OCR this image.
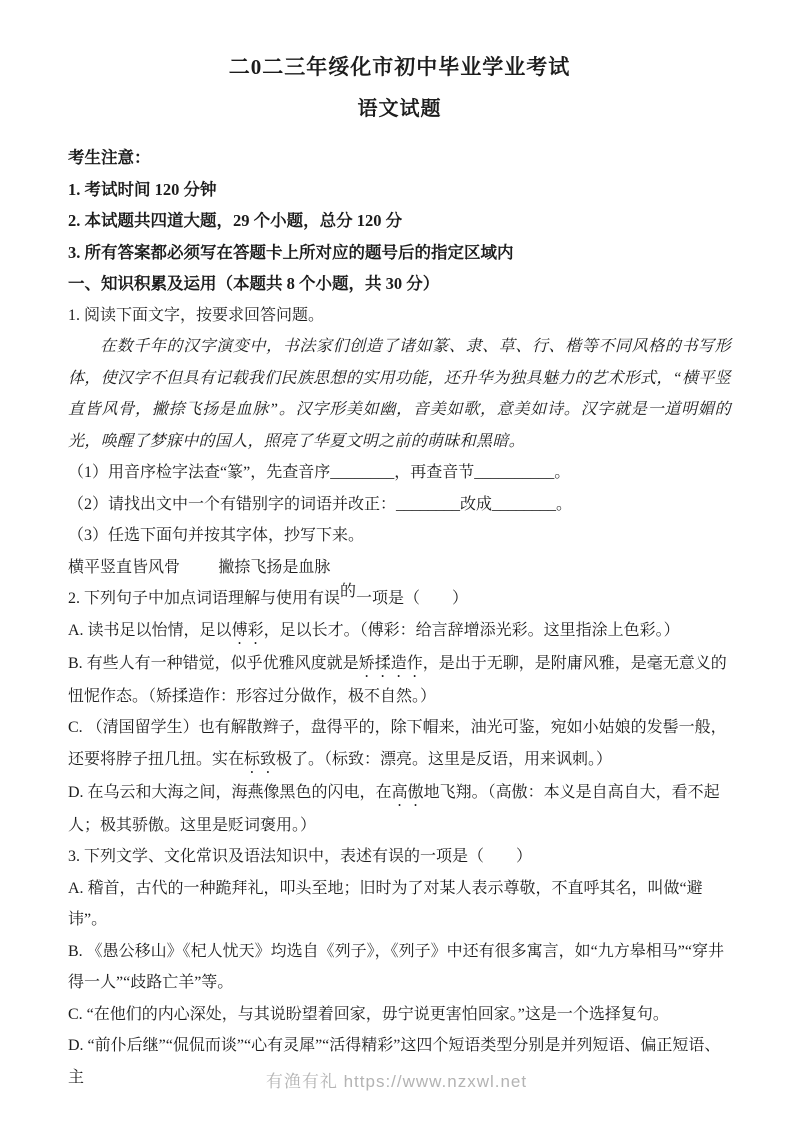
二0二三年绥化市初中毕业学业考试
语文试题
考生注意：
1. 考试时间 120 分钟
2. 本试题共四道大题，29 个小题，总分 120 分
3. 所有答案都必须写在答题卡上所对应的题号后的指定区域内
一、知识积累及运用（本题共 8 个小题，共 30 分）
1. 阅读下面文字，按要求回答问题。
在数千年的汉字演变中，书法家们创造了诸如篆、隶、草、行、楷等不同风格的书写形体，使汉字不但具有记载我们民族思想的实用功能，还升华为独具魅力的艺术形式，“横平竖直皆风骨，撇捺飞扬是血脉”。汉字形美如幽，音美如歌，意美如诗。汉字就是一道明媚的光，唤醒了梦寐中的国人，照亮了华夏文明之前的萌昧和黑暗。
（1）用音序检字法查“篆”，先查音序________，再查音节__________。
（2）请找出文中一个有错别字的词语并改正：________改成________。
（3）任选下面句并按其字体，抄写下来。
横平竖直皆风骨 撇捺飞扬是血脉
2. 下列句子中加点词语理解与使用有误的一项是（　　）
A. 读书足以怡情，足以傅彩，足以长才。（傅彩：给言辞增添光彩。这里指涂上色彩。）
B. 有些人有一种错觉，似乎优雅风度就是矫揉造作，是出于无聊，是附庸风雅，是毫无意义的忸怩作态。（矫揉造作：形容过分做作，极不自然。）
C. （清国留学生）也有解散辫子，盘得平的，除下帽来，油光可鉴，宛如小姑娘的发髻一般，还要将脖子扭几扭。实在标致极了。（标致：漂亮。这里是反语，用来讽刺。）
D. 在乌云和大海之间，海燕像黑色的闪电，在高傲地飞翔。（高傲：本义是自高自大，看不起人；极其骄傲。这里是贬词褒用。）
3. 下列文学、文化常识及语法知识中，表述有误的一项是（　　）
A. 稽首，古代的一种跪拜礼，叩头至地；旧时为了对某人表示尊敬，不直呼其名，叫做“避讳”。
B. 《愚公移山》《杞人忧天》均选自《列子》，《列子》中还有很多寓言，如“九方皋相马”“穿井得一人”“歧路亡羊”等。
C. “在他们的内心深处，与其说盼望着回家，毋宁说更害怕回家。”这是一个选择复句。
D. “前仆后继”“侃侃而谈”“心有灵犀”“活得精彩”这四个短语类型分别是并列短语、偏正短语、主	有渔有礼 https://www.nzxwl.net
